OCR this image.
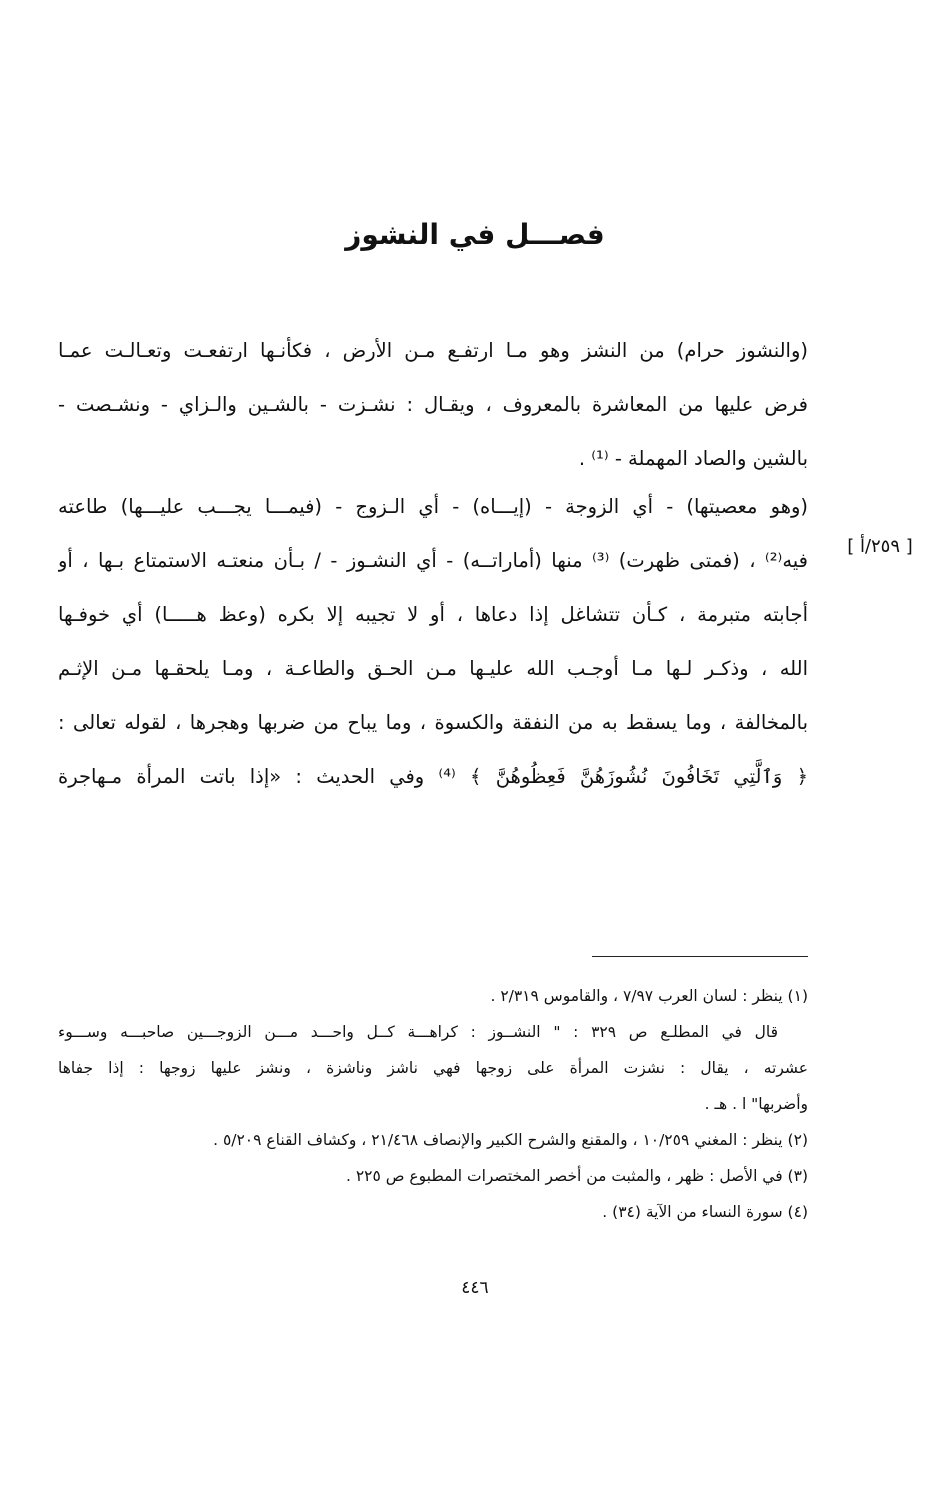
فصـــل في النشوز
(والنشوز حرام) من النشز وهو مـا ارتفـع مـن الأرض ، فكأنـها ارتفعـت وتعـالـت عمـا
فرض عليها من المعاشرة بالمعروف ، ويقـال : نشـزت - بالشـين والـزاي - ونشـصت -
بالشين والصاد المهملة - ⁽¹⁾ .
(وهو معصيتها) - أي الزوجة - (إيـــاه) - أي الـزوج - (فيمـــا يجـــب عليـــها) طاعته
فيه⁽²⁾ ، (فمتى ظهرت) ⁽³⁾ منها (أماراتــه) - أي النشـوز - / بـأن منعتـه الاستمتاع بـها ، أو
أجابته متبرمة ، كـأن تتشاغل إذا دعاها ، أو لا تجيبه إلا بكره (وعظ هـــــا) أي خوفـها
الله ، وذكـر لـها مـا أوجـب الله عليـها مـن الحـق والطاعـة ، ومـا يلحقـها مـن الإثـم
بالمخالفة ، وما يسقط به من النفقة والكسوة ، وما يباح من ضربها وهجرها ، لقوله تعالى :
﴿ وَٱلَّتِي تَخَافُونَ نُشُوزَهُنَّ فَعِظُوهُنَّ ﴾ ⁽⁴⁾ وفي الحديث : «إذا باتت المرأة مـهاجرة
[ ٢٥٩/أ ]
(١) ينظر : لسان العرب ٧/٩٧ ، والقاموس ٢/٣١٩ .
قال في المطلـع ص ٣٢٩ : " النشــوز : كراهـــة كــل واحـــد مـــن الزوجـــين صاحبـــه وســـوء
عشرته ، يقال : نشزت المرأة على زوجها فهي ناشز وناشزة ، ونشز عليها زوجها : إذا جفاها
وأضربها" ا . هـ .
(٢) ينظر : المغني ١٠/٢٥٩ ، والمقنع والشرح الكبير والإنصاف ٢١/٤٦٨ ، وكشاف القناع ٥/٢٠٩ .
(٣) في الأصل : ظهر ، والمثبت من أخصر المختصرات المطبوع ص ٢٢٥ .
(٤) سورة النساء من الآية (٣٤) .
٤٤٦
